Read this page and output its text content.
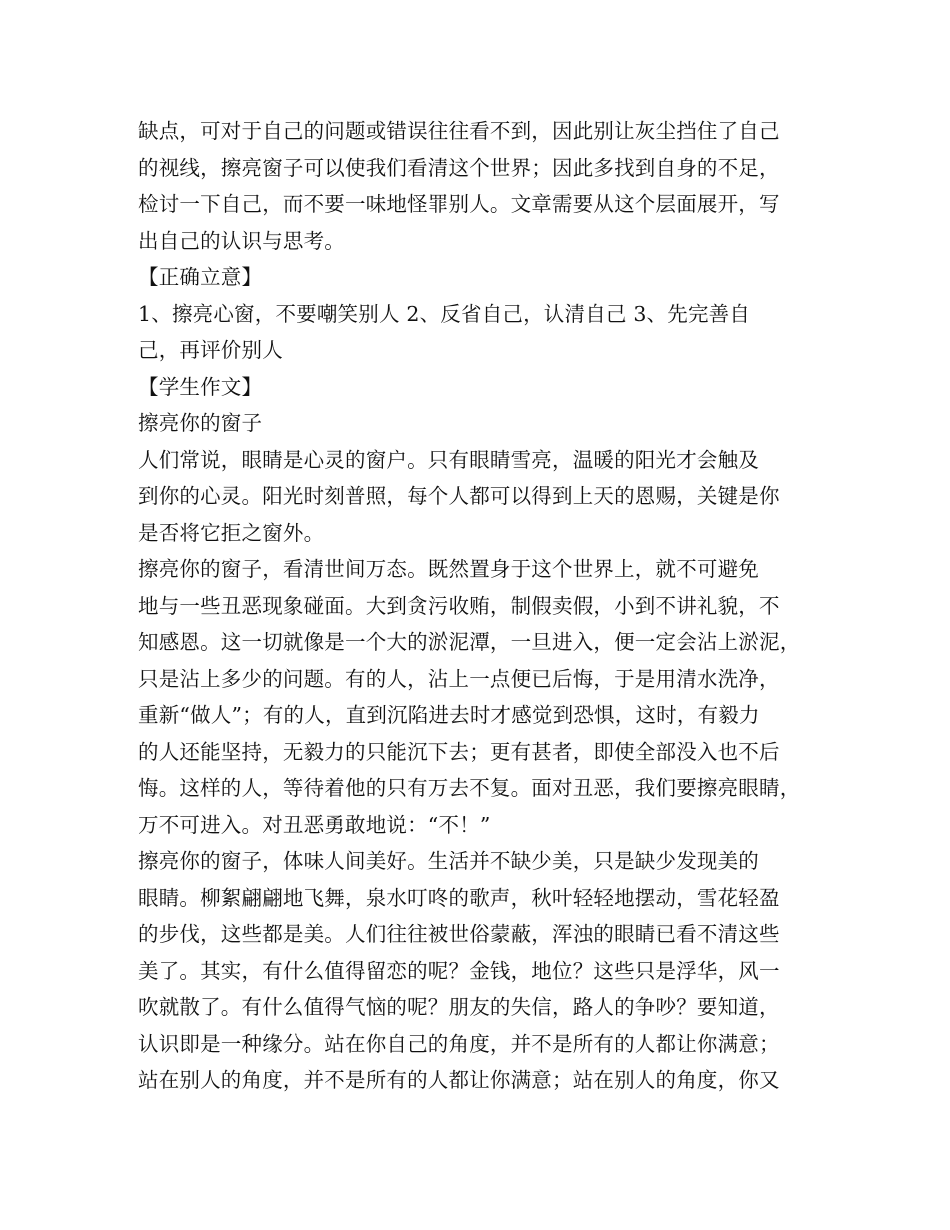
缺点，可对于自己的问题或错误往往看不到，因此别让灰尘挡住了自己
的视线，擦亮窗子可以使我们看清这个世界；因此多找到自身的不足，
检讨一下自己，而不要一味地怪罪别人。文章需要从这个层面展开，写
出自己的认识与思考。
【正确立意】
1、擦亮心窗，不要嘲笑别人 2、反省自己，认清自己 3、先完善自
己，再评价别人
【学生作文】
擦亮你的窗子
人们常说，眼睛是心灵的窗户。只有眼睛雪亮，温暖的阳光才会触及
到你的心灵。阳光时刻普照，每个人都可以得到上天的恩赐，关键是你
是否将它拒之窗外。
擦亮你的窗子，看清世间万态。既然置身于这个世界上，就不可避免
地与一些丑恶现象碰面。大到贪污收贿，制假卖假，小到不讲礼貌，不
知感恩。这一切就像是一个大的淤泥潭，一旦进入，便一定会沾上淤泥，
只是沾上多少的问题。有的人，沾上一点便已后悔，于是用清水洗净，
重新“做人”；有的人，直到沉陷进去时才感觉到恐惧，这时，有毅力
的人还能坚持，无毅力的只能沉下去；更有甚者，即使全部没入也不后
悔。这样的人，等待着他的只有万去不复。面对丑恶，我们要擦亮眼睛，
万不可进入。对丑恶勇敢地说：“不！”
擦亮你的窗子，体味人间美好。生活并不缺少美，只是缺少发现美的
眼睛。柳絮翩翩地飞舞，泉水叮咚的歌声，秋叶轻轻地摆动，雪花轻盈
的步伐，这些都是美。人们往往被世俗蒙蔽，浑浊的眼睛已看不清这些
美了。其实，有什么值得留恋的呢？金钱，地位？这些只是浮华，风一
吹就散了。有什么值得气恼的呢？朋友的失信，路人的争吵？要知道，
认识即是一种缘分。站在你自己的角度，并不是所有的人都让你满意；
站在别人的角度，并不是所有的人都让你满意；站在别人的角度，你又
